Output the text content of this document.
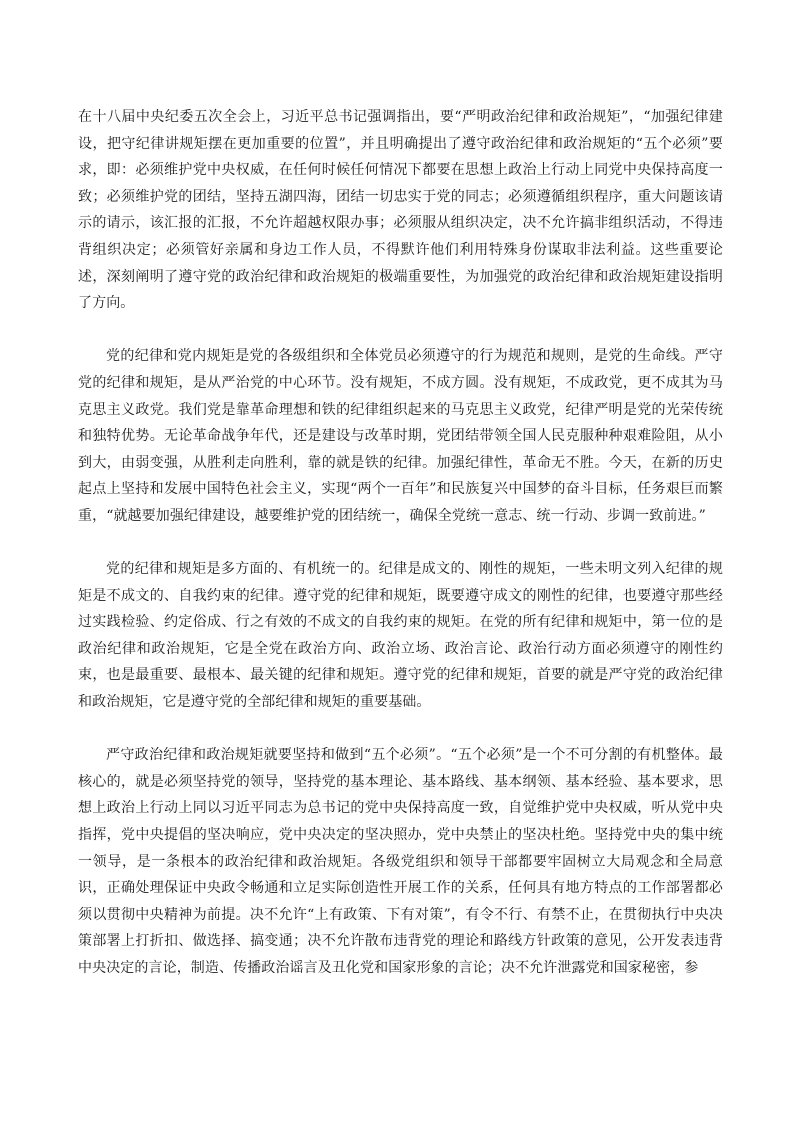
在十八届中央纪委五次全会上，习近平总书记强调指出，要“严明政治纪律和政治规矩”，“加强纪律建设，把守纪律讲规矩摆在更加重要的位置”，并且明确提出了遵守政治纪律和政治规矩的“五个必须”要求，即：必须维护党中央权威，在任何时候任何情况下都要在思想上政治上行动上同党中央保持高度一致；必须维护党的团结，坚持五湖四海，团结一切忠实于党的同志；必须遵循组织程序，重大问题该请示的请示，该汇报的汇报，不允许超越权限办事；必须服从组织决定，决不允许搞非组织活动，不得违背组织决定；必须管好亲属和身边工作人员，不得默许他们利用特殊身份谋取非法利益。这些重要论述，深刻阐明了遵守党的政治纪律和政治规矩的极端重要性，为加强党的政治纪律和政治规矩建设指明了方向。

党的纪律和党内规矩是党的各级组织和全体党员必须遵守的行为规范和规则，是党的生命线。严守党的纪律和规矩，是从严治党的中心环节。没有规矩，不成方圆。没有规矩，不成政党，更不成其为马克思主义政党。我们党是靠革命理想和铁的纪律组织起来的马克思主义政党，纪律严明是党的光荣传统和独特优势。无论革命战争年代，还是建设与改革时期，党团结带领全国人民克服种种艰难险阻，从小到大，由弱变强，从胜利走向胜利，靠的就是铁的纪律。加强纪律性，革命无不胜。今天，在新的历史起点上坚持和发展中国特色社会主义，实现“两个一百年”和民族复兴中国梦的奋斗目标，任务艰巨而繁重，“就越要加强纪律建设，越要维护党的团结统一，确保全党统一意志、统一行动、步调一致前进。”

党的纪律和规矩是多方面的、有机统一的。纪律是成文的、刚性的规矩，一些未明文列入纪律的规矩是不成文的、自我约束的纪律。遵守党的纪律和规矩，既要遵守成文的刚性的纪律，也要遵守那些经过实践检验、约定俗成、行之有效的不成文的自我约束的规矩。在党的所有纪律和规矩中，第一位的是政治纪律和政治规矩，它是全党在政治方向、政治立场、政治言论、政治行动方面必须遵守的刚性约束，也是最重要、最根本、最关键的纪律和规矩。遵守党的纪律和规矩，首要的就是严守党的政治纪律和政治规矩，它是遵守党的全部纪律和规矩的重要基础。

严守政治纪律和政治规矩就要坚持和做到“五个必须”。“五个必须”是一个不可分割的有机整体。最核心的，就是必须坚持党的领导，坚持党的基本理论、基本路线、基本纲领、基本经验、基本要求，思想上政治上行动上同以习近平同志为总书记的党中央保持高度一致，自觉维护党中央权威，听从党中央指挥，党中央提倡的坚决响应，党中央决定的坚决照办，党中央禁止的坚决杜绝。坚持党中央的集中统一领导，是一条根本的政治纪律和政治规矩。各级党组织和领导干部都要牢固树立大局观念和全局意识，正确处理保证中央政令畅通和立足实际创造性开展工作的关系，任何具有地方特点的工作部署都必须以贯彻中央精神为前提。决不允许“上有政策、下有对策”，有令不行、有禁不止，在贯彻执行中央决策部署上打折扣、做选择、搞变通；决不允许散布违背党的理论和路线方针政策的意见，公开发表违背中央决定的言论，制造、传播政治谣言及丑化党和国家形象的言论；决不允许泄露党和国家秘密，参
